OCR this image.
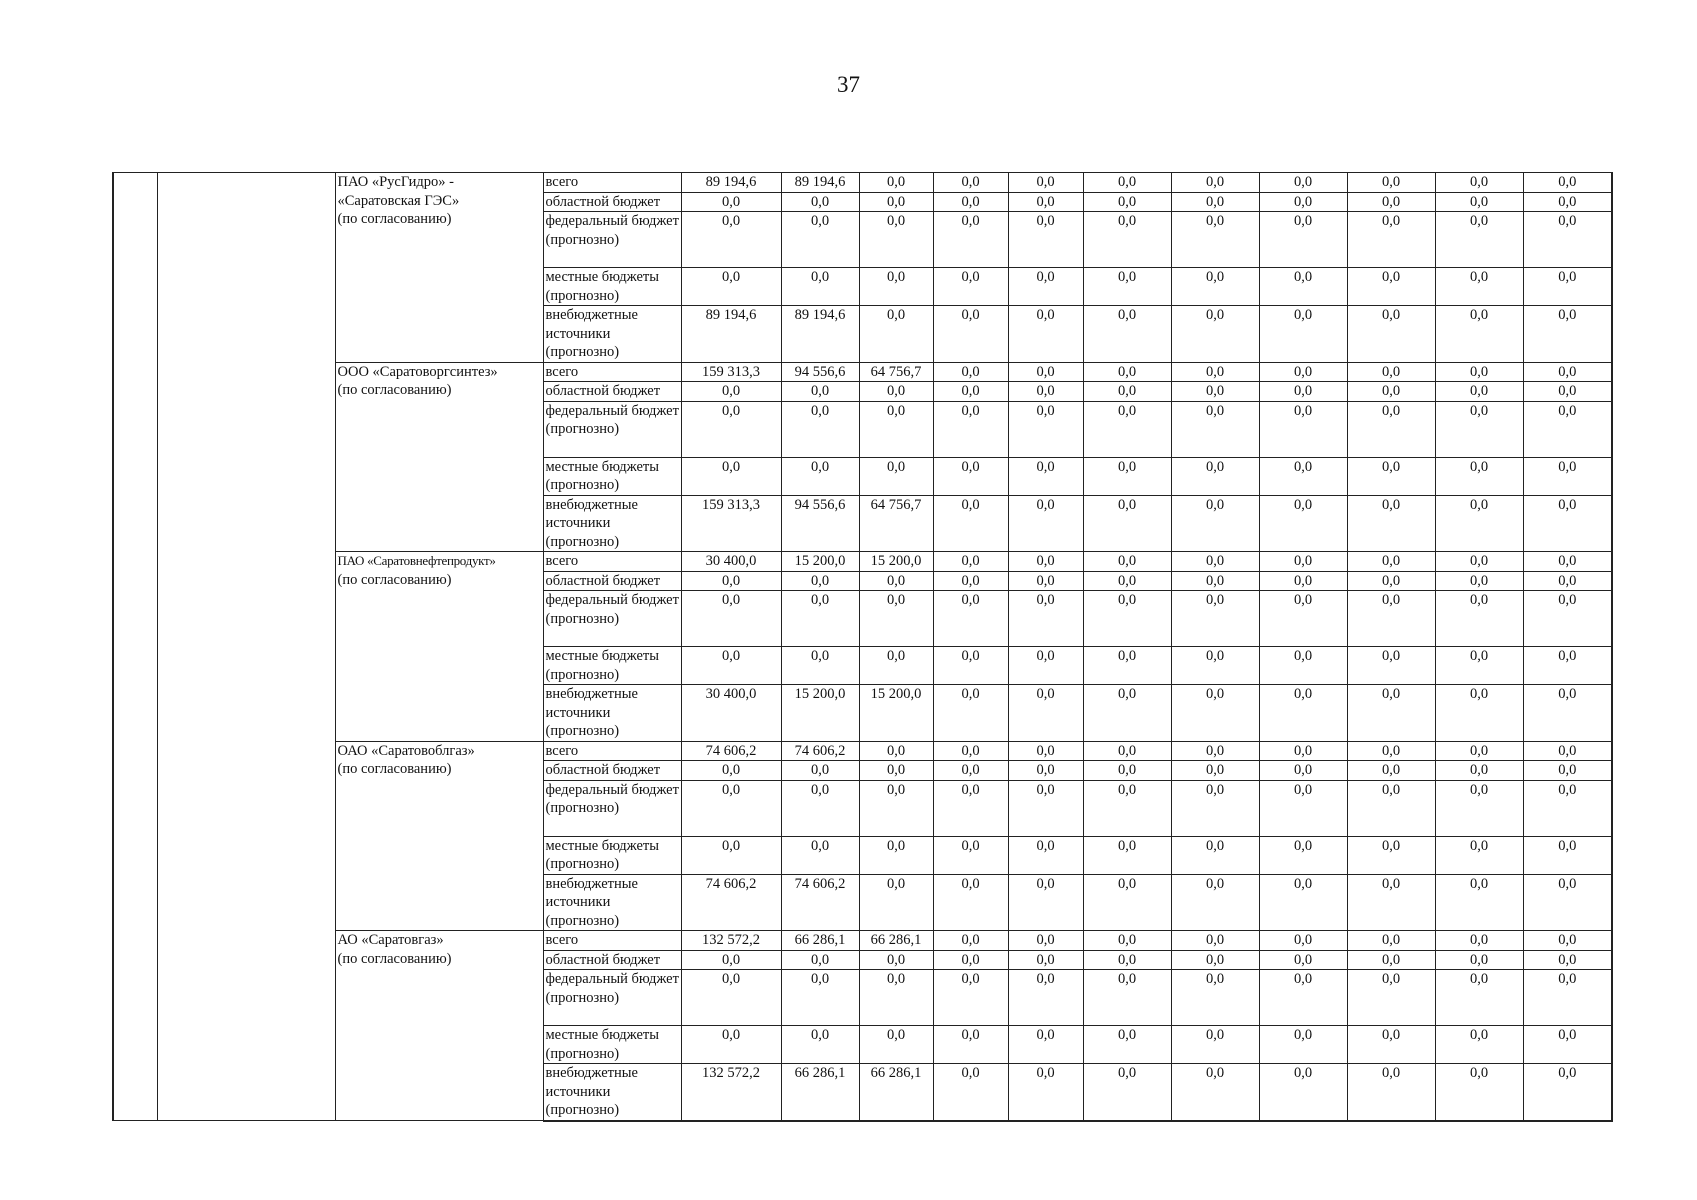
37

		ПАО «РусГидро» -
«Саратовская ГЭС»
(по согласованию)	всего	89 194,6	89 194,6	0,0	0,0	0,0	0,0	0,0	0,0	0,0	0,0	0,0
			областной бюджет	0,0	0,0	0,0	0,0	0,0	0,0	0,0	0,0	0,0	0,0	0,0
			федеральный бюджет (прогнозно)	0,0	0,0	0,0	0,0	0,0	0,0	0,0	0,0	0,0	0,0	0,0
			местные бюджеты (прогнозно)	0,0	0,0	0,0	0,0	0,0	0,0	0,0	0,0	0,0	0,0	0,0
			внебюджетные источники (прогнозно)	89 194,6	89 194,6	0,0	0,0	0,0	0,0	0,0	0,0	0,0	0,0	0,0

		ООО «Саратоворгсинтез»
(по согласованию)	всего	159 313,3	94 556,6	64 756,7	0,0	0,0	0,0	0,0	0,0	0,0	0,0	0,0
			областной бюджет	0,0	0,0	0,0	0,0	0,0	0,0	0,0	0,0	0,0	0,0	0,0
			федеральный бюджет (прогнозно)	0,0	0,0	0,0	0,0	0,0	0,0	0,0	0,0	0,0	0,0	0,0
			местные бюджеты (прогнозно)	0,0	0,0	0,0	0,0	0,0	0,0	0,0	0,0	0,0	0,0	0,0
			внебюджетные источники (прогнозно)	159 313,3	94 556,6	64 756,7	0,0	0,0	0,0	0,0	0,0	0,0	0,0	0,0

		ПАО «Саратовнефтепродукт»
(по согласованию)	всего	30 400,0	15 200,0	15 200,0	0,0	0,0	0,0	0,0	0,0	0,0	0,0	0,0
			областной бюджет	0,0	0,0	0,0	0,0	0,0	0,0	0,0	0,0	0,0	0,0	0,0
			федеральный бюджет (прогнозно)	0,0	0,0	0,0	0,0	0,0	0,0	0,0	0,0	0,0	0,0	0,0
			местные бюджеты (прогнозно)	0,0	0,0	0,0	0,0	0,0	0,0	0,0	0,0	0,0	0,0	0,0
			внебюджетные источники (прогнозно)	30 400,0	15 200,0	15 200,0	0,0	0,0	0,0	0,0	0,0	0,0	0,0	0,0

		ОАО «Саратовоблгаз»
(по согласованию)	всего	74 606,2	74 606,2	0,0	0,0	0,0	0,0	0,0	0,0	0,0	0,0	0,0
			областной бюджет	0,0	0,0	0,0	0,0	0,0	0,0	0,0	0,0	0,0	0,0	0,0
			федеральный бюджет (прогнозно)	0,0	0,0	0,0	0,0	0,0	0,0	0,0	0,0	0,0	0,0	0,0
			местные бюджеты (прогнозно)	0,0	0,0	0,0	0,0	0,0	0,0	0,0	0,0	0,0	0,0	0,0
			внебюджетные источники (прогнозно)	74 606,2	74 606,2	0,0	0,0	0,0	0,0	0,0	0,0	0,0	0,0	0,0

		АО «Саратовгаз»
(по согласованию)	всего	132 572,2	66 286,1	66 286,1	0,0	0,0	0,0	0,0	0,0	0,0	0,0	0,0
			областной бюджет	0,0	0,0	0,0	0,0	0,0	0,0	0,0	0,0	0,0	0,0	0,0
			федеральный бюджет (прогнозно)	0,0	0,0	0,0	0,0	0,0	0,0	0,0	0,0	0,0	0,0	0,0
			местные бюджеты (прогнозно)	0,0	0,0	0,0	0,0	0,0	0,0	0,0	0,0	0,0	0,0	0,0
			внебюджетные источники (прогнозно)	132 572,2	66 286,1	66 286,1	0,0	0,0	0,0	0,0	0,0	0,0	0,0	0,0
